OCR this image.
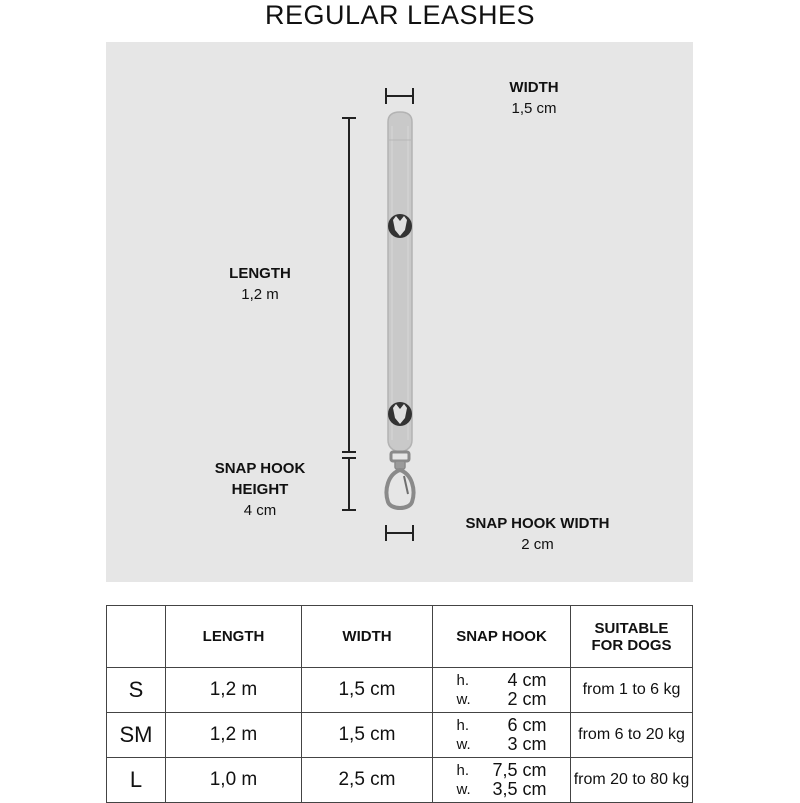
REGULAR LEASHES
WIDTH
1,5 cm
LENGTH
1,2 m
SNAP HOOK
HEIGHT
4 cm
SNAP HOOK WIDTH
2 cm
	LENGTH	WIDTH	SNAP HOOK	SUITABLE
FOR DOGS

S	1,2 m	1,5 cm	h. 4 cm
w. 2 cm	from 1 to 6 kg
SM	1,2 m	1,5 cm	h. 6 cm
w. 3 cm	from 6 to 20 kg
L	1,0 m	2,5 cm	h. 7,5 cm
w. 3,5 cm	from 20 to 80 kg
